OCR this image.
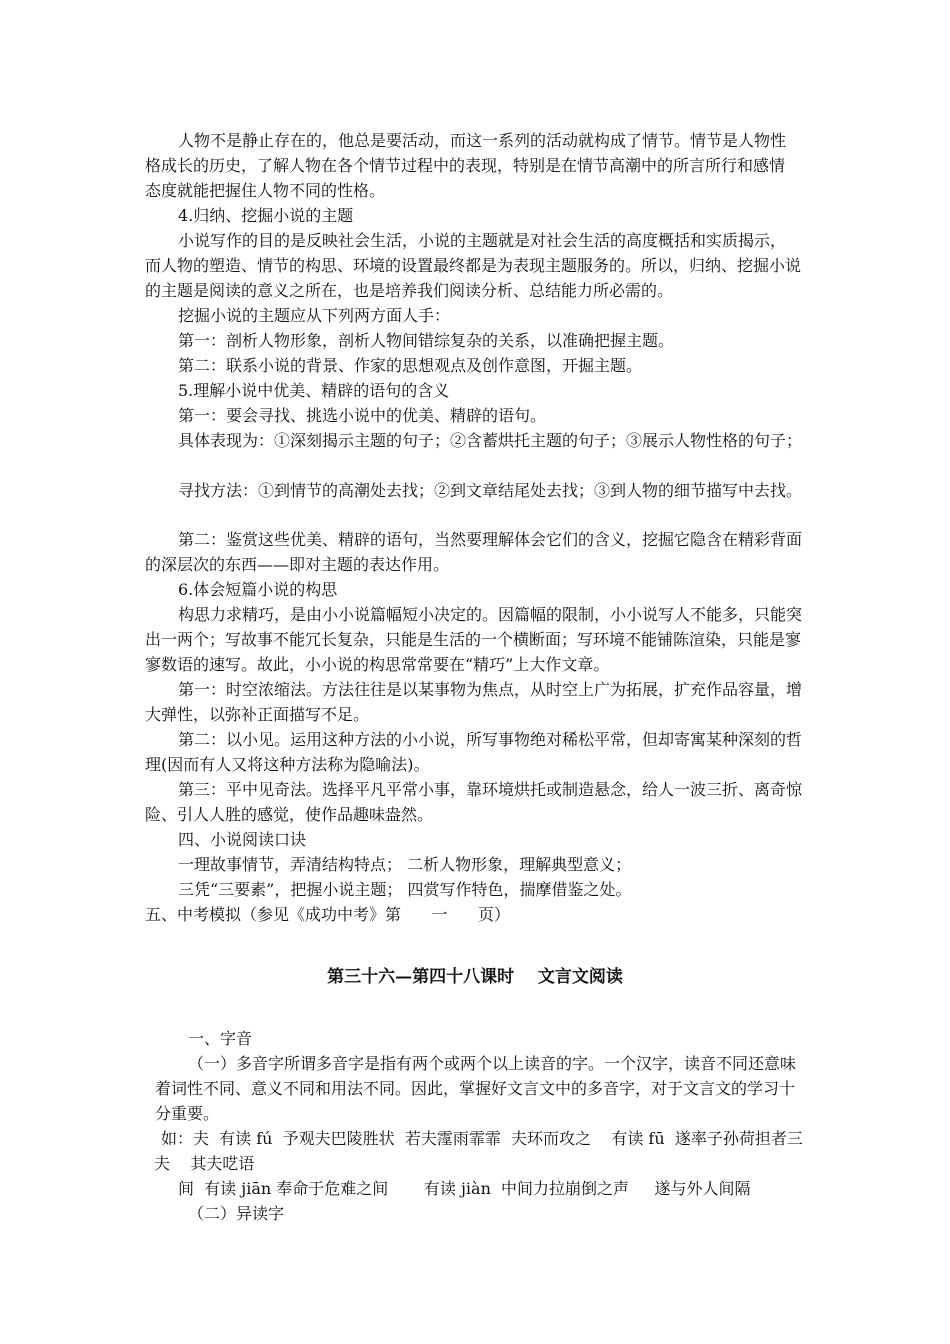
人物不是静止存在的，他总是要活动，而这一系列的活动就构成了情节。情节是人物性
格成长的历史，了解人物在各个情节过程中的表现，特别是在情节高潮中的所言所行和感情
态度就能把握住人物不同的性格。
4.归纳、挖掘小说的主题
小说写作的目的是反映社会生活，小说的主题就是对社会生活的高度概括和实质揭示，
而人物的塑造、情节的构思、环境的设置最终都是为表现主题服务的。所以，归纳、挖掘小说
的主题是阅读的意义之所在，也是培养我们阅读分析、总结能力所必需的。
挖掘小说的主题应从下列两方面人手：
第一：剖析人物形象，剖析人物间错综复杂的关系，以准确把握主题。
第二：联系小说的背景、作家的思想观点及创作意图，开掘主题。
5.理解小说中优美、精辟的语句的含义
第一：要会寻找、挑选小说中的优美、精辟的语句。
具体表现为：①深刻揭示主题的句子；②含蓄烘托主题的句子；③展示人物性格的句子；
寻找方法：①到情节的高潮处去找；②到文章结尾处去找；③到人物的细节描写中去找。
第二：鉴赏这些优美、精辟的语句，当然要理解体会它们的含义，挖掘它隐含在精彩背面
的深层次的东西——即对主题的表达作用。
6.体会短篇小说的构思
构思力求精巧，是由小小说篇幅短小决定的。因篇幅的限制，小小说写人不能多，只能突
出一两个；写故事不能冗长复杂，只能是生活的一个横断面；写环境不能铺陈渲染，只能是寥
寥数语的速写。故此，小小说的构思常常要在“精巧”上大作文章。
第一：时空浓缩法。方法往往是以某事物为焦点，从时空上广为拓展，扩充作品容量，增
大弹性，以弥补正面描写不足。
第二：以小见。运用这种方法的小小说，所写事物绝对稀松平常，但却寄寓某种深刻的哲
理(因而有人又将这种方法称为隐喻法)。
第三：平中见奇法。选择平凡平常小事，靠环境烘托或制造悬念，给人一波三折、离奇惊
险、引人人胜的感觉，使作品趣味盎然。
四、小说阅读口诀
一理故事情节，弄清结构特点； 二析人物形象，理解典型意义；
三凭“三要素”，把握小说主题； 四赏写作特色，揣摩借鉴之处。
五、中考模拟（参见《成功中考》第      一      页）
第三十六—第四十八课时    文言文阅读
一、字音
（一）多音字所谓多音字是指有两个或两个以上读音的字。一个汉字，读音不同还意味
着词性不同、意义不同和用法不同。因此，掌握好文言文中的多音字，对于文言文的学习十
分重要。
如：夫  有读 fú  予观夫巴陵胜状  若夫霪雨霏霏  夫环而攻之    有读 fū  遂率子孙荷担者三
夫    其夫呓语
间  有读 jiān 奉命于危难之间       有读 jiàn  中间力拉崩倒之声     遂与外人间隔
（二）异读字
